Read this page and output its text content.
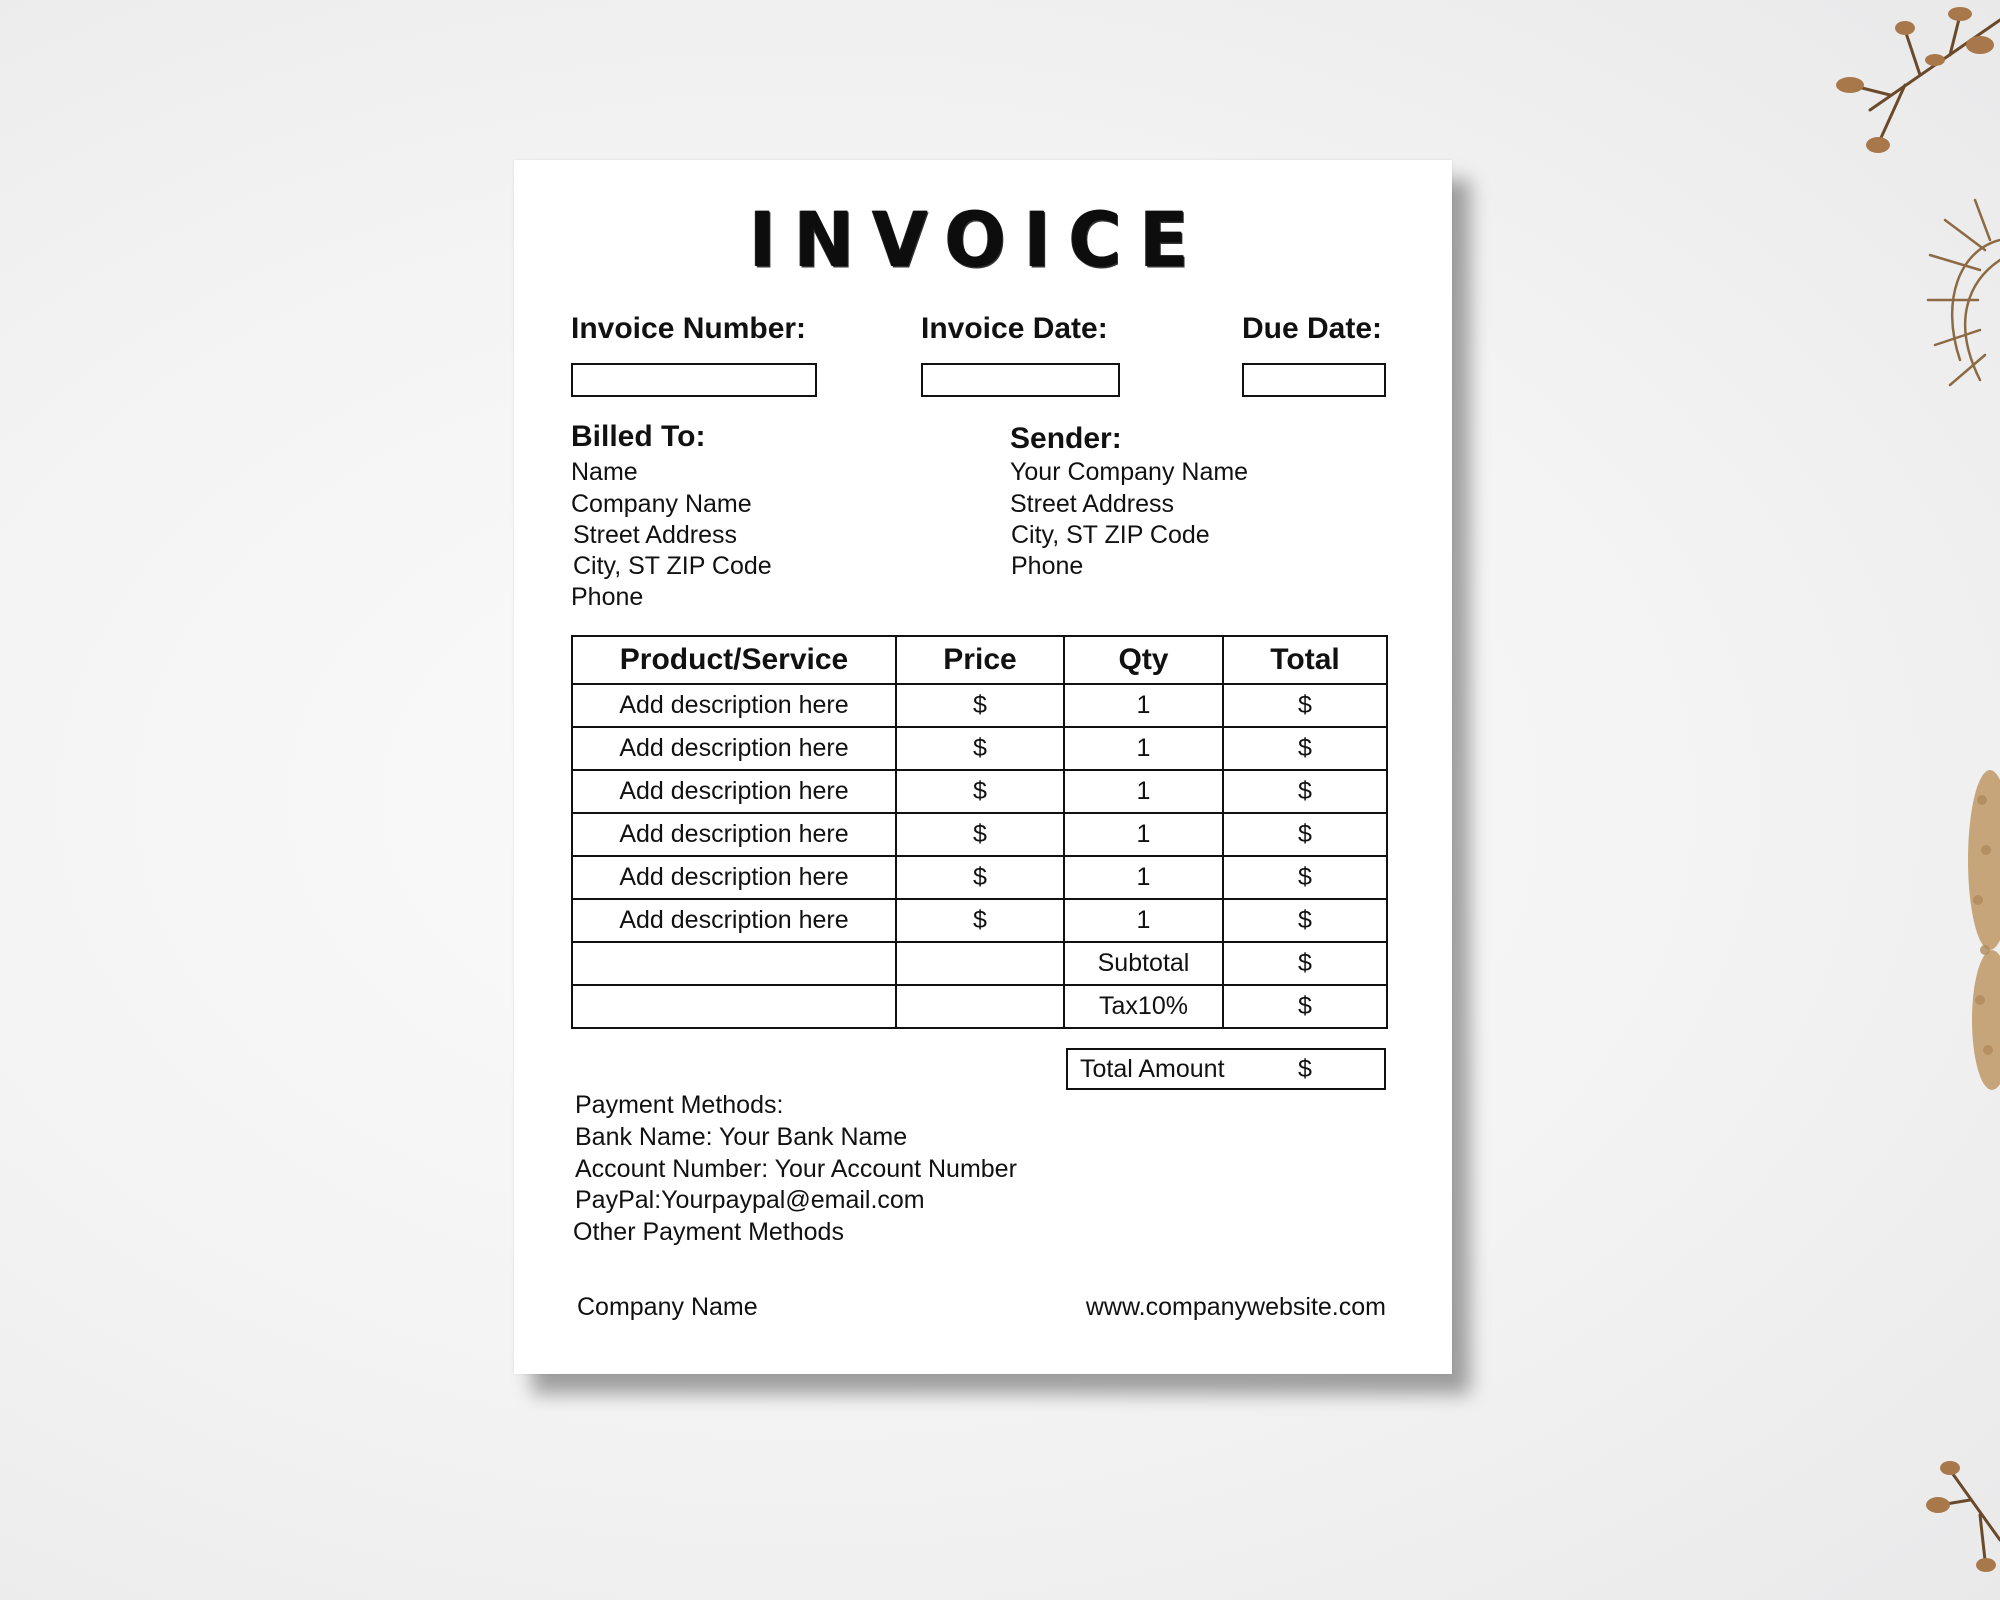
INVOICE
Invoice Number:	Invoice Date:	Due Date:
Billed To:
Name
Company Name
Street Address
City, ST ZIP Code
Phone
Sender:
Your Company Name
Street Address
City, ST ZIP Code
Phone
Product/Service	Price	Qty	Total
Add description here	$	1	$
Add description here	$	1	$
Add description here	$	1	$
Add description here	$	1	$
Add description here	$	1	$
Add description here	$	1	$
		Subtotal	$
		Tax10%	$
Total Amount	$
Payment Methods:
Bank Name: Your Bank Name
Account Number: Your Account Number
PayPal:Yourpaypal@email.com
Other Payment Methods
Company Name	www.companywebsite.com
